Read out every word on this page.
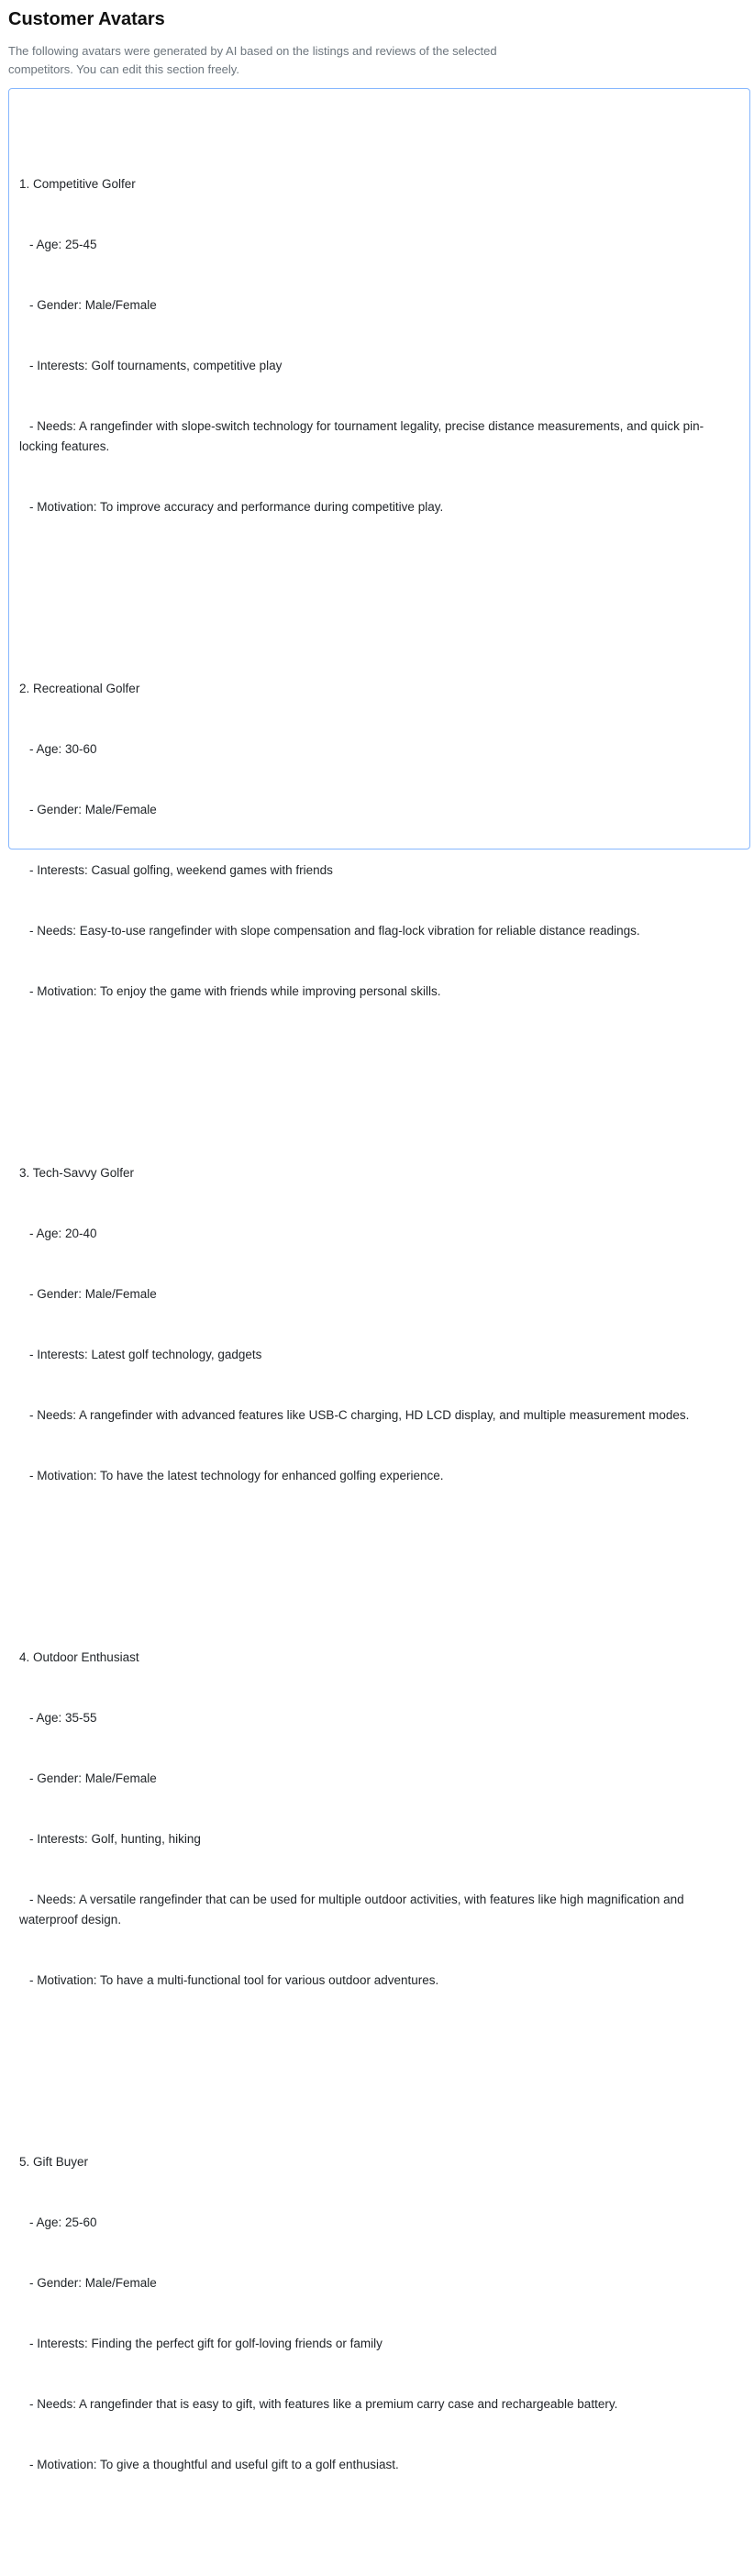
Customer Avatars

The following avatars were generated by AI based on the listings and reviews of the selected competitors. You can edit this section freely.

1. Competitive Golfer

- Age: 25-45

- Gender: Male/Female

- Interests: Golf tournaments, competitive play

- Needs: A rangefinder with slope-switch technology for tournament legality, precise distance measurements, and quick pin-locking features.

- Motivation: To improve accuracy and performance during competitive play.

2. Recreational Golfer

- Age: 30-60

- Gender: Male/Female

- Interests: Casual golfing, weekend games with friends

- Needs: Easy-to-use rangefinder with slope compensation and flag-lock vibration for reliable distance readings.

- Motivation: To enjoy the game with friends while improving personal skills.

3. Tech-Savvy Golfer

- Age: 20-40

- Gender: Male/Female

- Interests: Latest golf technology, gadgets

- Needs: A rangefinder with advanced features like USB-C charging, HD LCD display, and multiple measurement modes.

- Motivation: To have the latest technology for enhanced golfing experience.

4. Outdoor Enthusiast

- Age: 35-55

- Gender: Male/Female

- Interests: Golf, hunting, hiking

- Needs: A versatile rangefinder that can be used for multiple outdoor activities, with features like high magnification and waterproof design.

- Motivation: To have a multi-functional tool for various outdoor adventures.

5. Gift Buyer

- Age: 25-60

- Gender: Male/Female

- Interests: Finding the perfect gift for golf-loving friends or family

- Needs: A rangefinder that is easy to gift, with features like a premium carry case and rechargeable battery.

- Motivation: To give a thoughtful and useful gift to a golf enthusiast.
